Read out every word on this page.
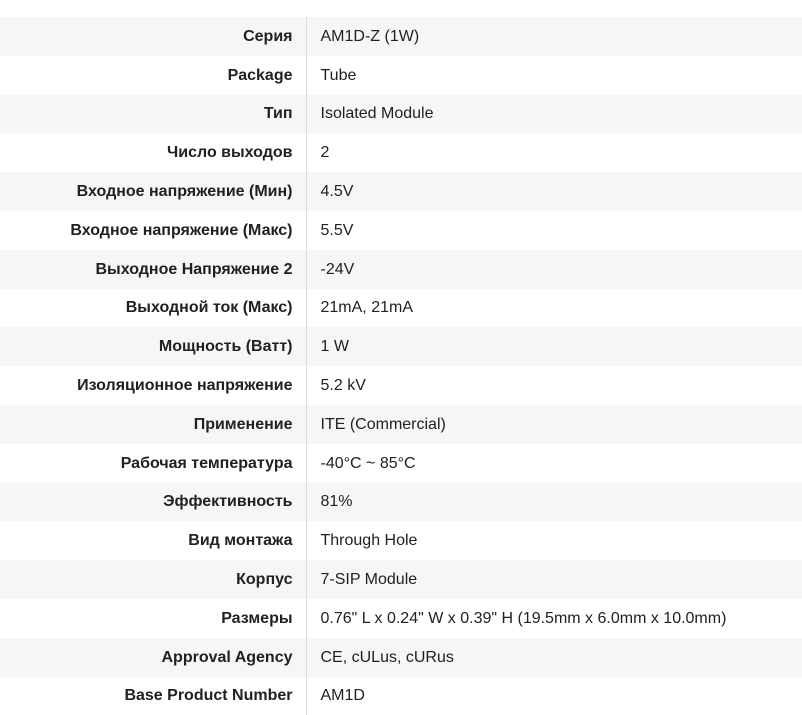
Серия	AM1D-Z (1W)
Package	Tube
Тип	Isolated Module
Число выходов	2
Входное напряжение (Мин)	4.5V
Входное напряжение (Макс)	5.5V
Выходное Напряжение 2	-24V
Выходной ток (Макс)	21mA, 21mA
Мощность (Ватт)	1 W
Изоляционное напряжение	5.2 kV
Применение	ITE (Commercial)
Рабочая температура	-40°C ~ 85°C
Эффективность	81%
Вид монтажа	Through Hole
Корпус	7-SIP Module
Размеры	0.76" L x 0.24" W x 0.39" H (19.5mm x 6.0mm x 10.0mm)
Approval Agency	CE, cULus, cURus
Base Product Number	AM1D
